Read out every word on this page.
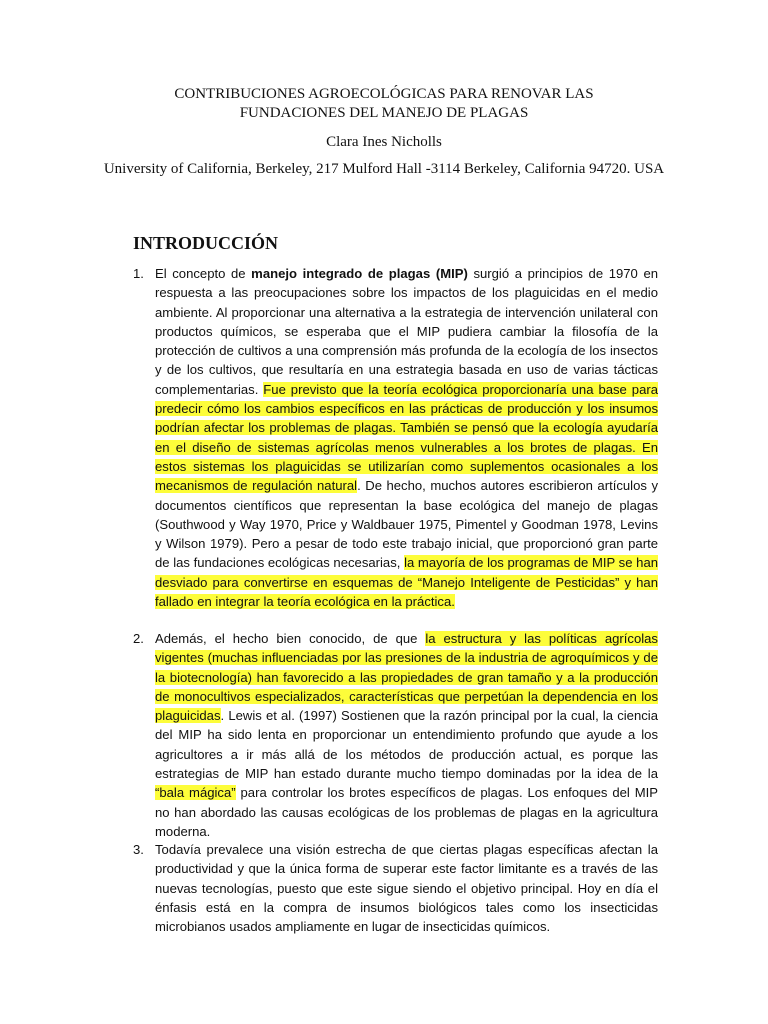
CONTRIBUCIONES AGROECOLÓGICAS PARA RENOVAR LAS
FUNDACIONES DEL MANEJO DE PLAGAS
Clara Ines Nicholls
University of California, Berkeley, 217 Mulford Hall -3114 Berkeley, California 94720. USA
INTRODUCCIÓN
1. El concepto de manejo integrado de plagas (MIP) surgió a principios de 1970 en respuesta a las preocupaciones sobre los impactos de los plaguicidas en el medio ambiente. Al proporcionar una alternativa a la estrategia de intervención unilateral con productos químicos, se esperaba que el MIP pudiera cambiar la filosofía de la protección de cultivos a una comprensión más profunda de la ecología de los insectos y de los cultivos, que resultaría en una estrategia basada en uso de varias tácticas complementarias. Fue previsto que la teoría ecológica proporcionaría una base para predecir cómo los cambios específicos en las prácticas de producción y los insumos podrían afectar los problemas de plagas. También se pensó que la ecología ayudaría en el diseño de sistemas agrícolas menos vulnerables a los brotes de plagas. En estos sistemas los plaguicidas se utilizarían como suplementos ocasionales a los mecanismos de regulación natural. De hecho, muchos autores escribieron artículos y documentos científicos que representan la base ecológica del manejo de plagas (Southwood y Way 1970, Price y Waldbauer 1975, Pimentel y Goodman 1978, Levins y Wilson 1979). Pero a pesar de todo este trabajo inicial, que proporcionó gran parte de las fundaciones ecológicas necesarias, la mayoría de los programas de MIP se han desviado para convertirse en esquemas de “Manejo Inteligente de Pesticidas” y han fallado en integrar la teoría ecológica en la práctica.
2. Además, el hecho bien conocido, de que la estructura y las políticas agrícolas vigentes (muchas influenciadas por las presiones de la industria de agroquímicos y de la biotecnología) han favorecido a las propiedades de gran tamaño y a la producción de monocultivos especializados, características que perpetúan la dependencia en los plaguicidas. Lewis et al. (1997) Sostienen que la razón principal por la cual, la ciencia del MIP ha sido lenta en proporcionar un entendimiento profundo que ayude a los agricultores a ir más allá de los métodos de producción actual, es porque las estrategias de MIP han estado durante mucho tiempo dominadas por la idea de la “bala mágica” para controlar los brotes específicos de plagas. Los enfoques del MIP no han abordado las causas ecológicas de los problemas de plagas en la agricultura moderna.
3. Todavía prevalece una visión estrecha de que ciertas plagas específicas afectan la productividad y que la única forma de superar este factor limitante es a través de las nuevas tecnologías, puesto que este sigue siendo el objetivo principal. Hoy en día el énfasis está en la compra de insumos biológicos tales como los insecticidas microbianos usados ampliamente en lugar de insecticidas químicos.
